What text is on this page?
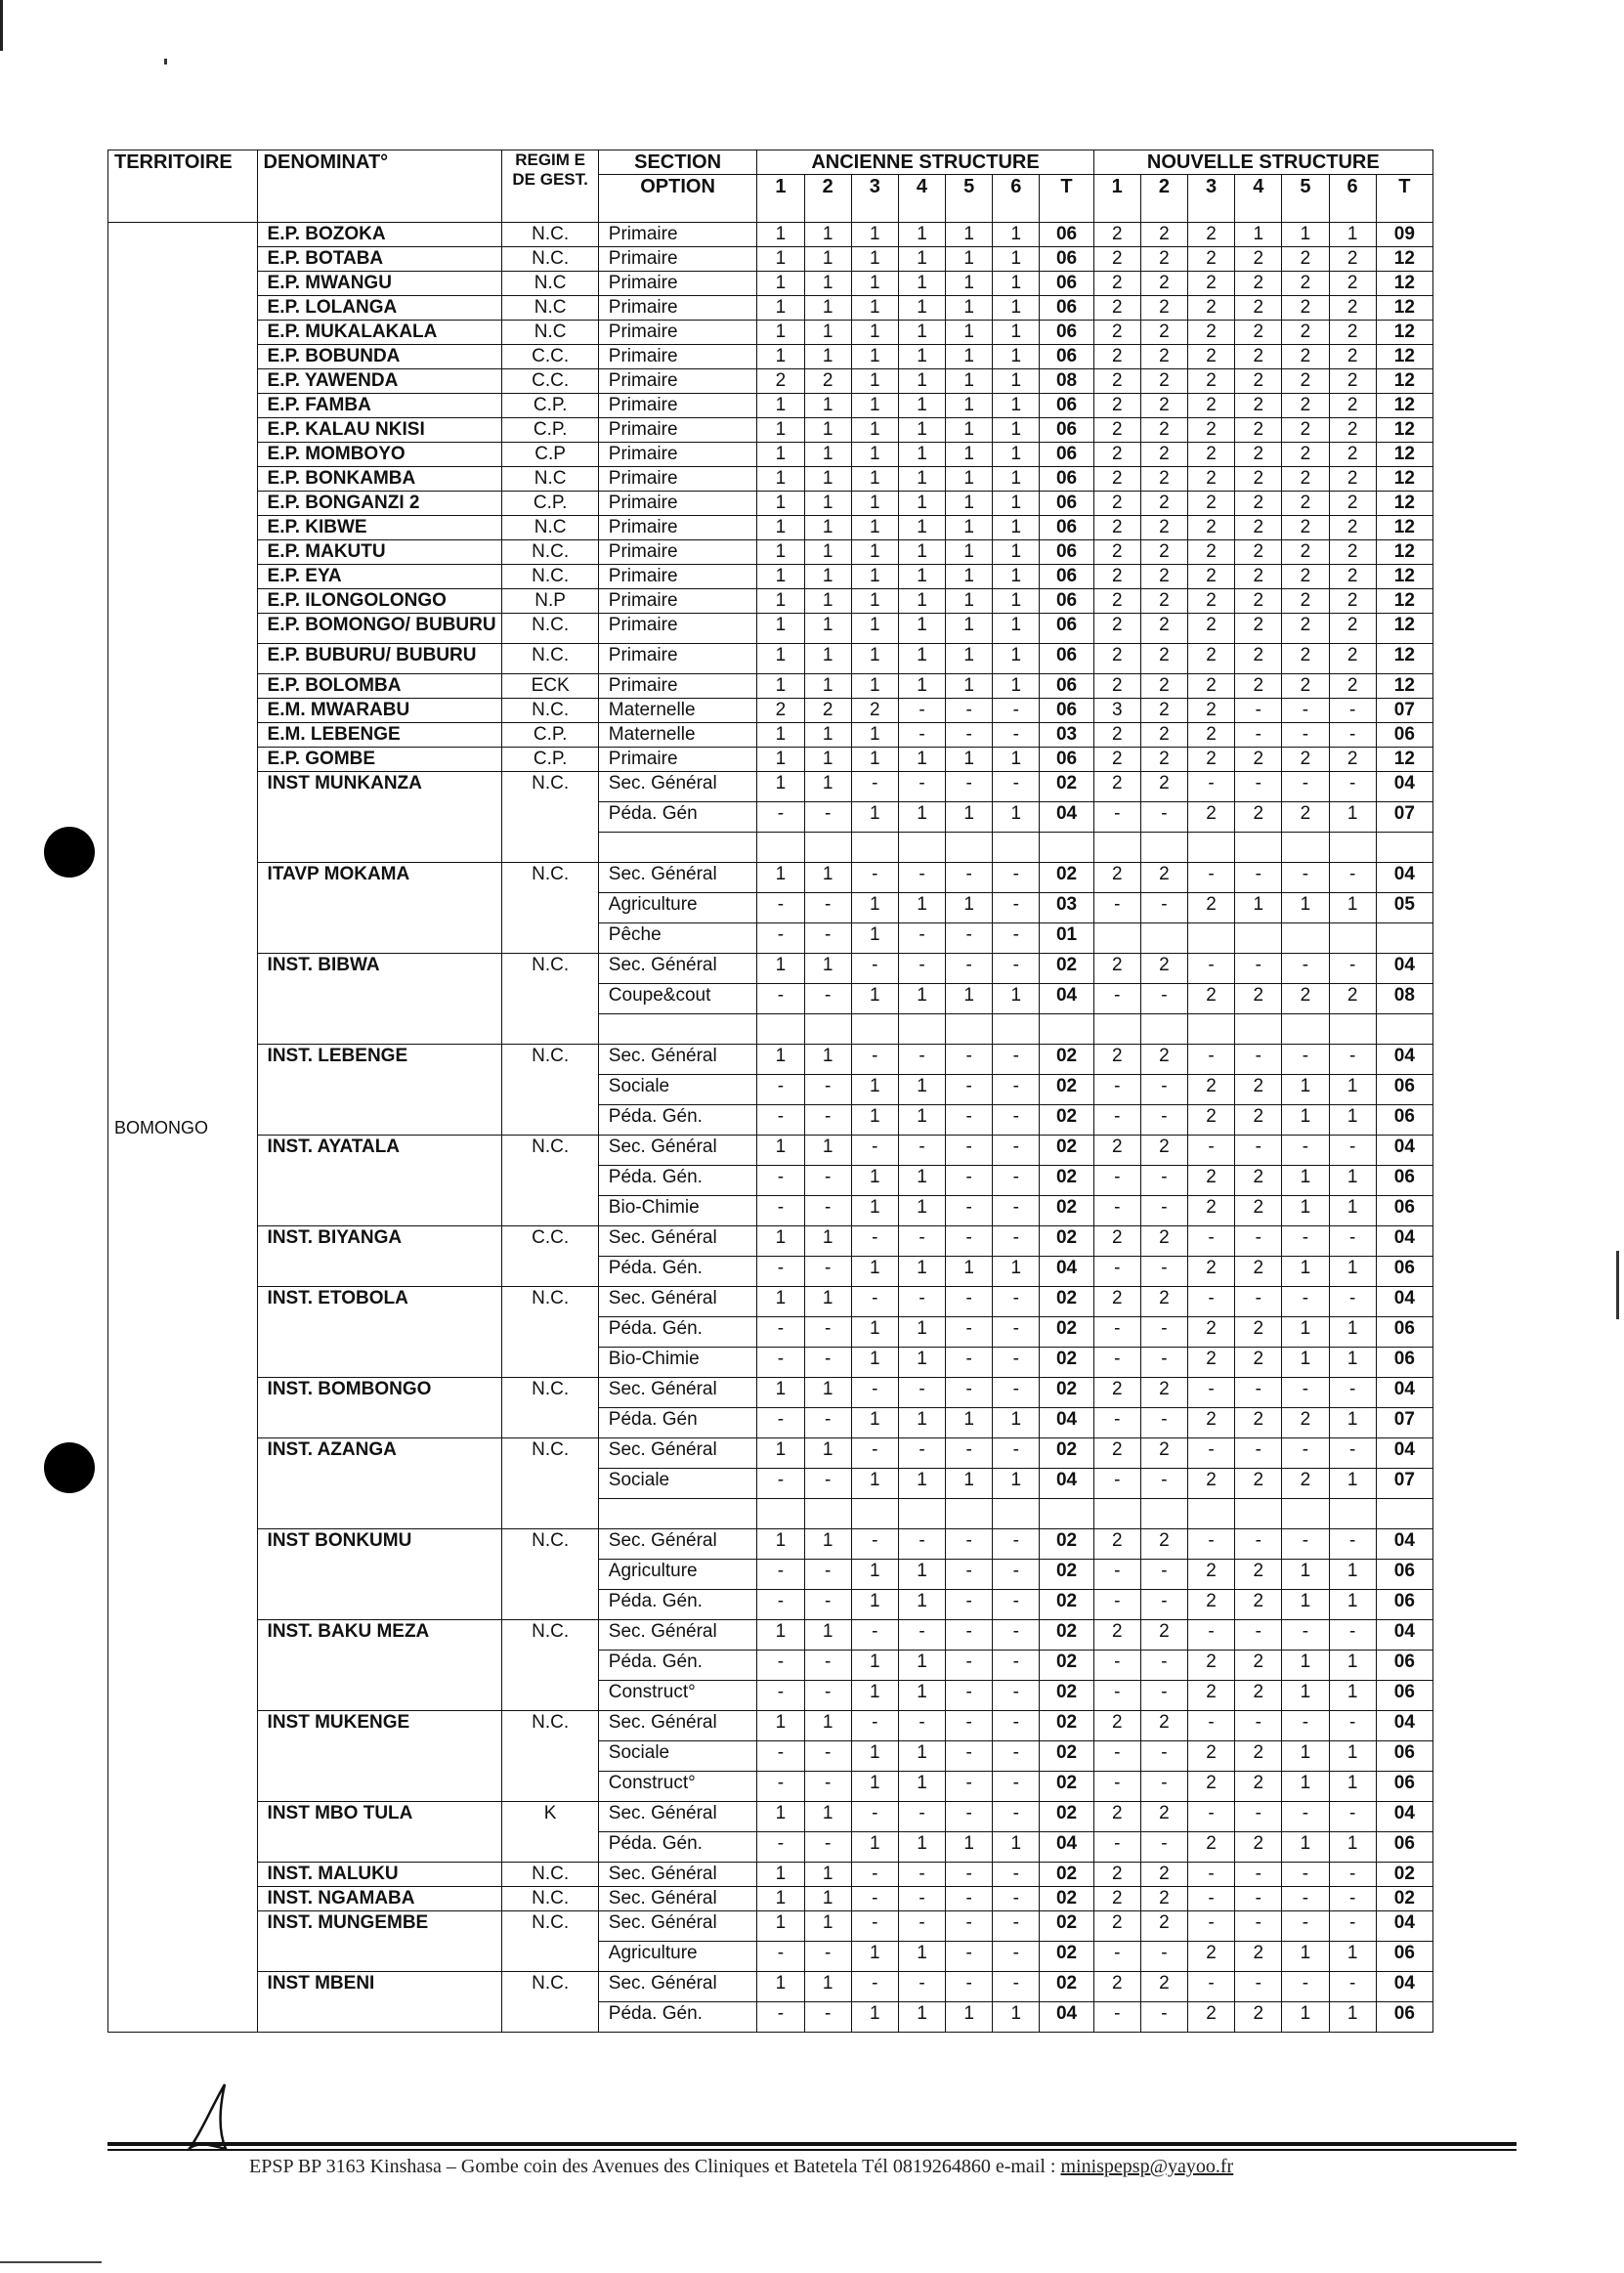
TERRITOIRE	DENOMINAT°	REGIM E DE GEST.	SECTION	ANCIENNE STRUCTURE							NOUVELLE STRUCTURE						
			OPTION	1	2	3	4	5	6	T	1	2	3	4	5	6	T
BOMONGO	E.P. BOZOKA	N.C.	Primaire	1	1	1	1	1	1	06	2	2	2	1	1	1	09
	E.P. BOTABA	N.C.	Primaire	1	1	1	1	1	1	06	2	2	2	2	2	2	12
	E.P. MWANGU	N.C	Primaire	1	1	1	1	1	1	06	2	2	2	2	2	2	12
	E.P. LOLANGA	N.C	Primaire	1	1	1	1	1	1	06	2	2	2	2	2	2	12
	E.P. MUKALAKALA	N.C	Primaire	1	1	1	1	1	1	06	2	2	2	2	2	2	12
	E.P. BOBUNDA	C.C.	Primaire	1	1	1	1	1	1	06	2	2	2	2	2	2	12
	E.P. YAWENDA	C.C.	Primaire	2	2	1	1	1	1	08	2	2	2	2	2	2	12
	E.P. FAMBA	C.P.	Primaire	1	1	1	1	1	1	06	2	2	2	2	2	2	12
	E.P. KALAU NKISI	C.P.	Primaire	1	1	1	1	1	1	06	2	2	2	2	2	2	12
	E.P. MOMBOYO	C.P	Primaire	1	1	1	1	1	1	06	2	2	2	2	2	2	12
	E.P. BONKAMBA	N.C	Primaire	1	1	1	1	1	1	06	2	2	2	2	2	2	12
	E.P. BONGANZI 2	C.P.	Primaire	1	1	1	1	1	1	06	2	2	2	2	2	2	12
	E.P. KIBWE	N.C	Primaire	1	1	1	1	1	1	06	2	2	2	2	2	2	12
	E.P. MAKUTU	N.C.	Primaire	1	1	1	1	1	1	06	2	2	2	2	2	2	12
	E.P. EYA	N.C.	Primaire	1	1	1	1	1	1	06	2	2	2	2	2	2	12
	E.P. ILONGOLONGO	N.P	Primaire	1	1	1	1	1	1	06	2	2	2	2	2	2	12
	E.P. BOMONGO/ BUBURU	N.C.	Primaire	1	1	1	1	1	1	06	2	2	2	2	2	2	12
	E.P. BUBURU/ BUBURU	N.C.	Primaire	1	1	1	1	1	1	06	2	2	2	2	2	2	12
	E.P. BOLOMBA	ECK	Primaire	1	1	1	1	1	1	06	2	2	2	2	2	2	12
	E.M. MWARABU	N.C.	Maternelle	2	2	2	-	-	-	06	3	2	2	-	-	-	07
	E.M. LEBENGE	C.P.	Maternelle	1	1	1	-	-	-	03	2	2	2	-	-	-	06
	E.P. GOMBE	C.P.	Primaire	1	1	1	1	1	1	06	2	2	2	2	2	2	12
	INST MUNKANZA	N.C.	Sec. Général	1	1	-	-	-	-	02	2	2	-	-	-	-	04
			Péda. Gén	-	-	1	1	1	1	04	-	-	2	2	2	1	07

	ITAVP MOKAMA	N.C.	Sec. Général	1	1	-	-	-	-	02	2	2	-	-	-	-	04
			Agriculture	-	-	1	1	1	-	03	-	-	2	1	1	1	05
			Pêche	-	-	1	-	-	-	01							
	INST. BIBWA	N.C.	Sec. Général	1	1	-	-	-	-	02	2	2	-	-	-	-	04
			Coupe&cout	-	-	1	1	1	1	04	-	-	2	2	2	2	08

	INST. LEBENGE	N.C.	Sec. Général	1	1	-	-	-	-	02	2	2	-	-	-	-	04
			Sociale	-	-	1	1	-	-	02	-	-	2	2	1	1	06
			Péda. Gén.	-	-	1	1	-	-	02	-	-	2	2	1	1	06
	INST. AYATALA	N.C.	Sec. Général	1	1	-	-	-	-	02	2	2	-	-	-	-	04
			Péda. Gén.	-	-	1	1	-	-	02	-	-	2	2	1	1	06
			Bio-Chimie	-	-	1	1	-	-	02	-	-	2	2	1	1	06
	INST. BIYANGA	C.C.	Sec. Général	1	1	-	-	-	-	02	2	2	-	-	-	-	04
			Péda. Gén.	-	-	1	1	1	1	04	-	-	2	2	1	1	06
	INST. ETOBOLA	N.C.	Sec. Général	1	1	-	-	-	-	02	2	2	-	-	-	-	04
			Péda. Gén.	-	-	1	1	-	-	02	-	-	2	2	1	1	06
			Bio-Chimie	-	-	1	1	-	-	02	-	-	2	2	1	1	06
	INST. BOMBONGO	N.C.	Sec. Général	1	1	-	-	-	-	02	2	2	-	-	-	-	04
			Péda. Gén	-	-	1	1	1	1	04	-	-	2	2	2	1	07
	INST. AZANGA	N.C.	Sec. Général	1	1	-	-	-	-	02	2	2	-	-	-	-	04
			Sociale	-	-	1	1	1	1	04	-	-	2	2	2	1	07

	INST BONKUMU	N.C.	Sec. Général	1	1	-	-	-	-	02	2	2	-	-	-	-	04
			Agriculture	-	-	1	1	-	-	02	-	-	2	2	1	1	06
			Péda. Gén.	-	-	1	1	-	-	02	-	-	2	2	1	1	06
	INST. BAKU MEZA	N.C.	Sec. Général	1	1	-	-	-	-	02	2	2	-	-	-	-	04
			Péda. Gén.	-	-	1	1	-	-	02	-	-	2	2	1	1	06
			Construct°	-	-	1	1	-	-	02	-	-	2	2	1	1	06
	INST MUKENGE	N.C.	Sec. Général	1	1	-	-	-	-	02	2	2	-	-	-	-	04
			Sociale	-	-	1	1	-	-	02	-	-	2	2	1	1	06
			Construct°	-	-	1	1	-	-	02	-	-	2	2	1	1	06
	INST MBO TULA	K	Sec. Général	1	1	-	-	-	-	02	2	2	-	-	-	-	04
			Péda. Gén.	-	-	1	1	1	1	04	-	-	2	2	1	1	06
	INST. MALUKU	N.C.	Sec. Général	1	1	-	-	-	-	02	2	2	-	-	-	-	02
	INST. NGAMABA	N.C.	Sec. Général	1	1	-	-	-	-	02	2	2	-	-	-	-	02
	INST. MUNGEMBE	N.C.	Sec. Général	1	1	-	-	-	-	02	2	2	-	-	-	-	04
			Agriculture	-	-	1	1	-	-	02	-	-	2	2	1	1	06
	INST MBENI	N.C.	Sec. Général	1	1	-	-	-	-	02	2	2	-	-	-	-	04
			Péda. Gén.	-	-	1	1	1	1	04	-	-	2	2	1	1	06
EPSP BP 3163 Kinshasa – Gombe coin des Avenues des Cliniques et Batetela Tél 0819264860 e-mail : minispepsp@yayoo.fr
